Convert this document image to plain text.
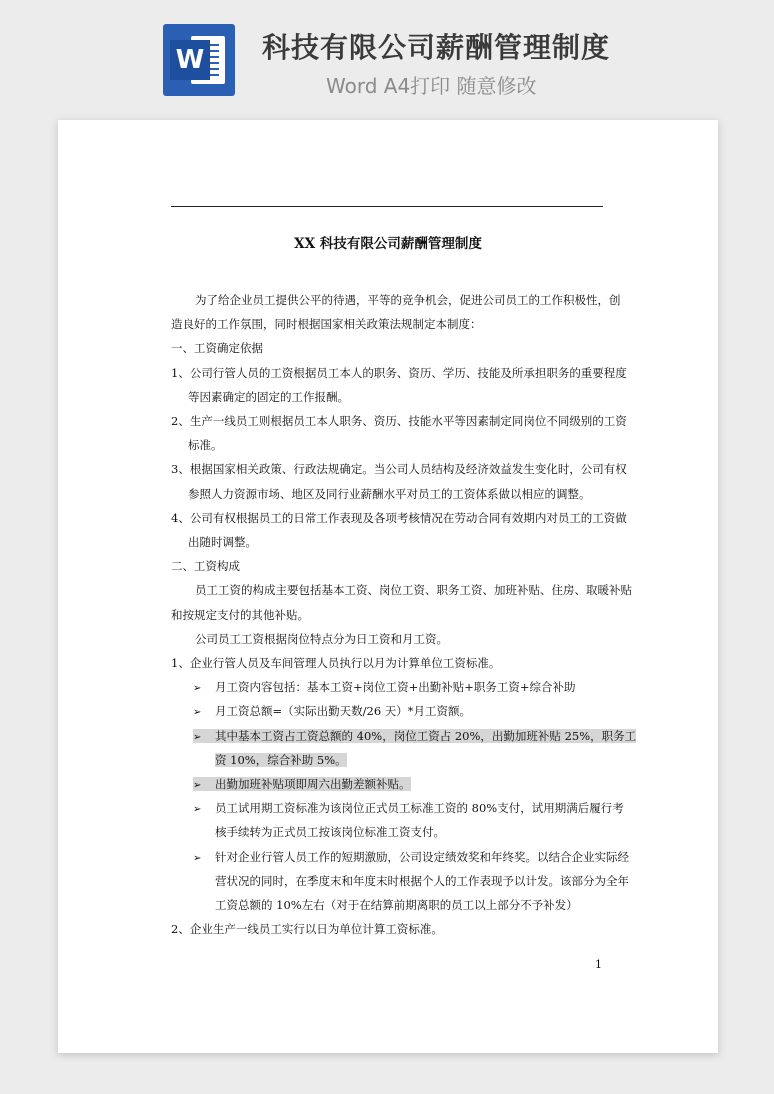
W 科技有限公司薪酬管理制度
Word A4打印 随意修改
XX 科技有限公司薪酬管理制度
为了给企业员工提供公平的待遇，平等的竞争机会，促进公司员工的工作积极性，创
造良好的工作氛围，同时根据国家相关政策法规制定本制度：
一、工资确定依据
1、公司行管人员的工资根据员工本人的职务、资历、学历、技能及所承担职务的重要程度
等因素确定的固定的工作报酬。
2、生产一线员工则根据员工本人职务、资历、技能水平等因素制定同岗位不同级别的工资
标准。
3、根据国家相关政策、行政法规确定。当公司人员结构及经济效益发生变化时，公司有权
参照人力资源市场、地区及同行业薪酬水平对员工的工资体系做以相应的调整。
4、公司有权根据员工的日常工作表现及各项考核情况在劳动合同有效期内对员工的工资做
出随时调整。
二、工资构成
员工工资的构成主要包括基本工资、岗位工资、职务工资、加班补贴、住房、取暖补贴
和按规定支付的其他补贴。
公司员工工资根据岗位特点分为日工资和月工资。
1、企业行管人员及车间管理人员执行以月为计算单位工资标准。
➢ 月工资内容包括：基本工资+岗位工资+出勤补贴+职务工资+综合补助
➢ 月工资总额=（实际出勤天数/26 天）*月工资额。
➢ 其中基本工资占工资总额的 40%，岗位工资占 20%，出勤加班补贴 25%，职务工
资 10%，综合补助 5%。
➢ 出勤加班补贴项即周六出勤差额补贴。
➢ 员工试用期工资标准为该岗位正式员工标准工资的 80%支付，试用期满后履行考
核手续转为正式员工按该岗位标准工资支付。
➢ 针对企业行管人员工作的短期激励，公司设定绩效奖和年终奖。以结合企业实际经
营状况的同时，在季度末和年度末时根据个人的工作表现予以计发。该部分为全年
工资总额的 10%左右（对于在结算前期离职的员工以上部分不予补发）
2、企业生产一线员工实行以日为单位计算工资标准。
1
